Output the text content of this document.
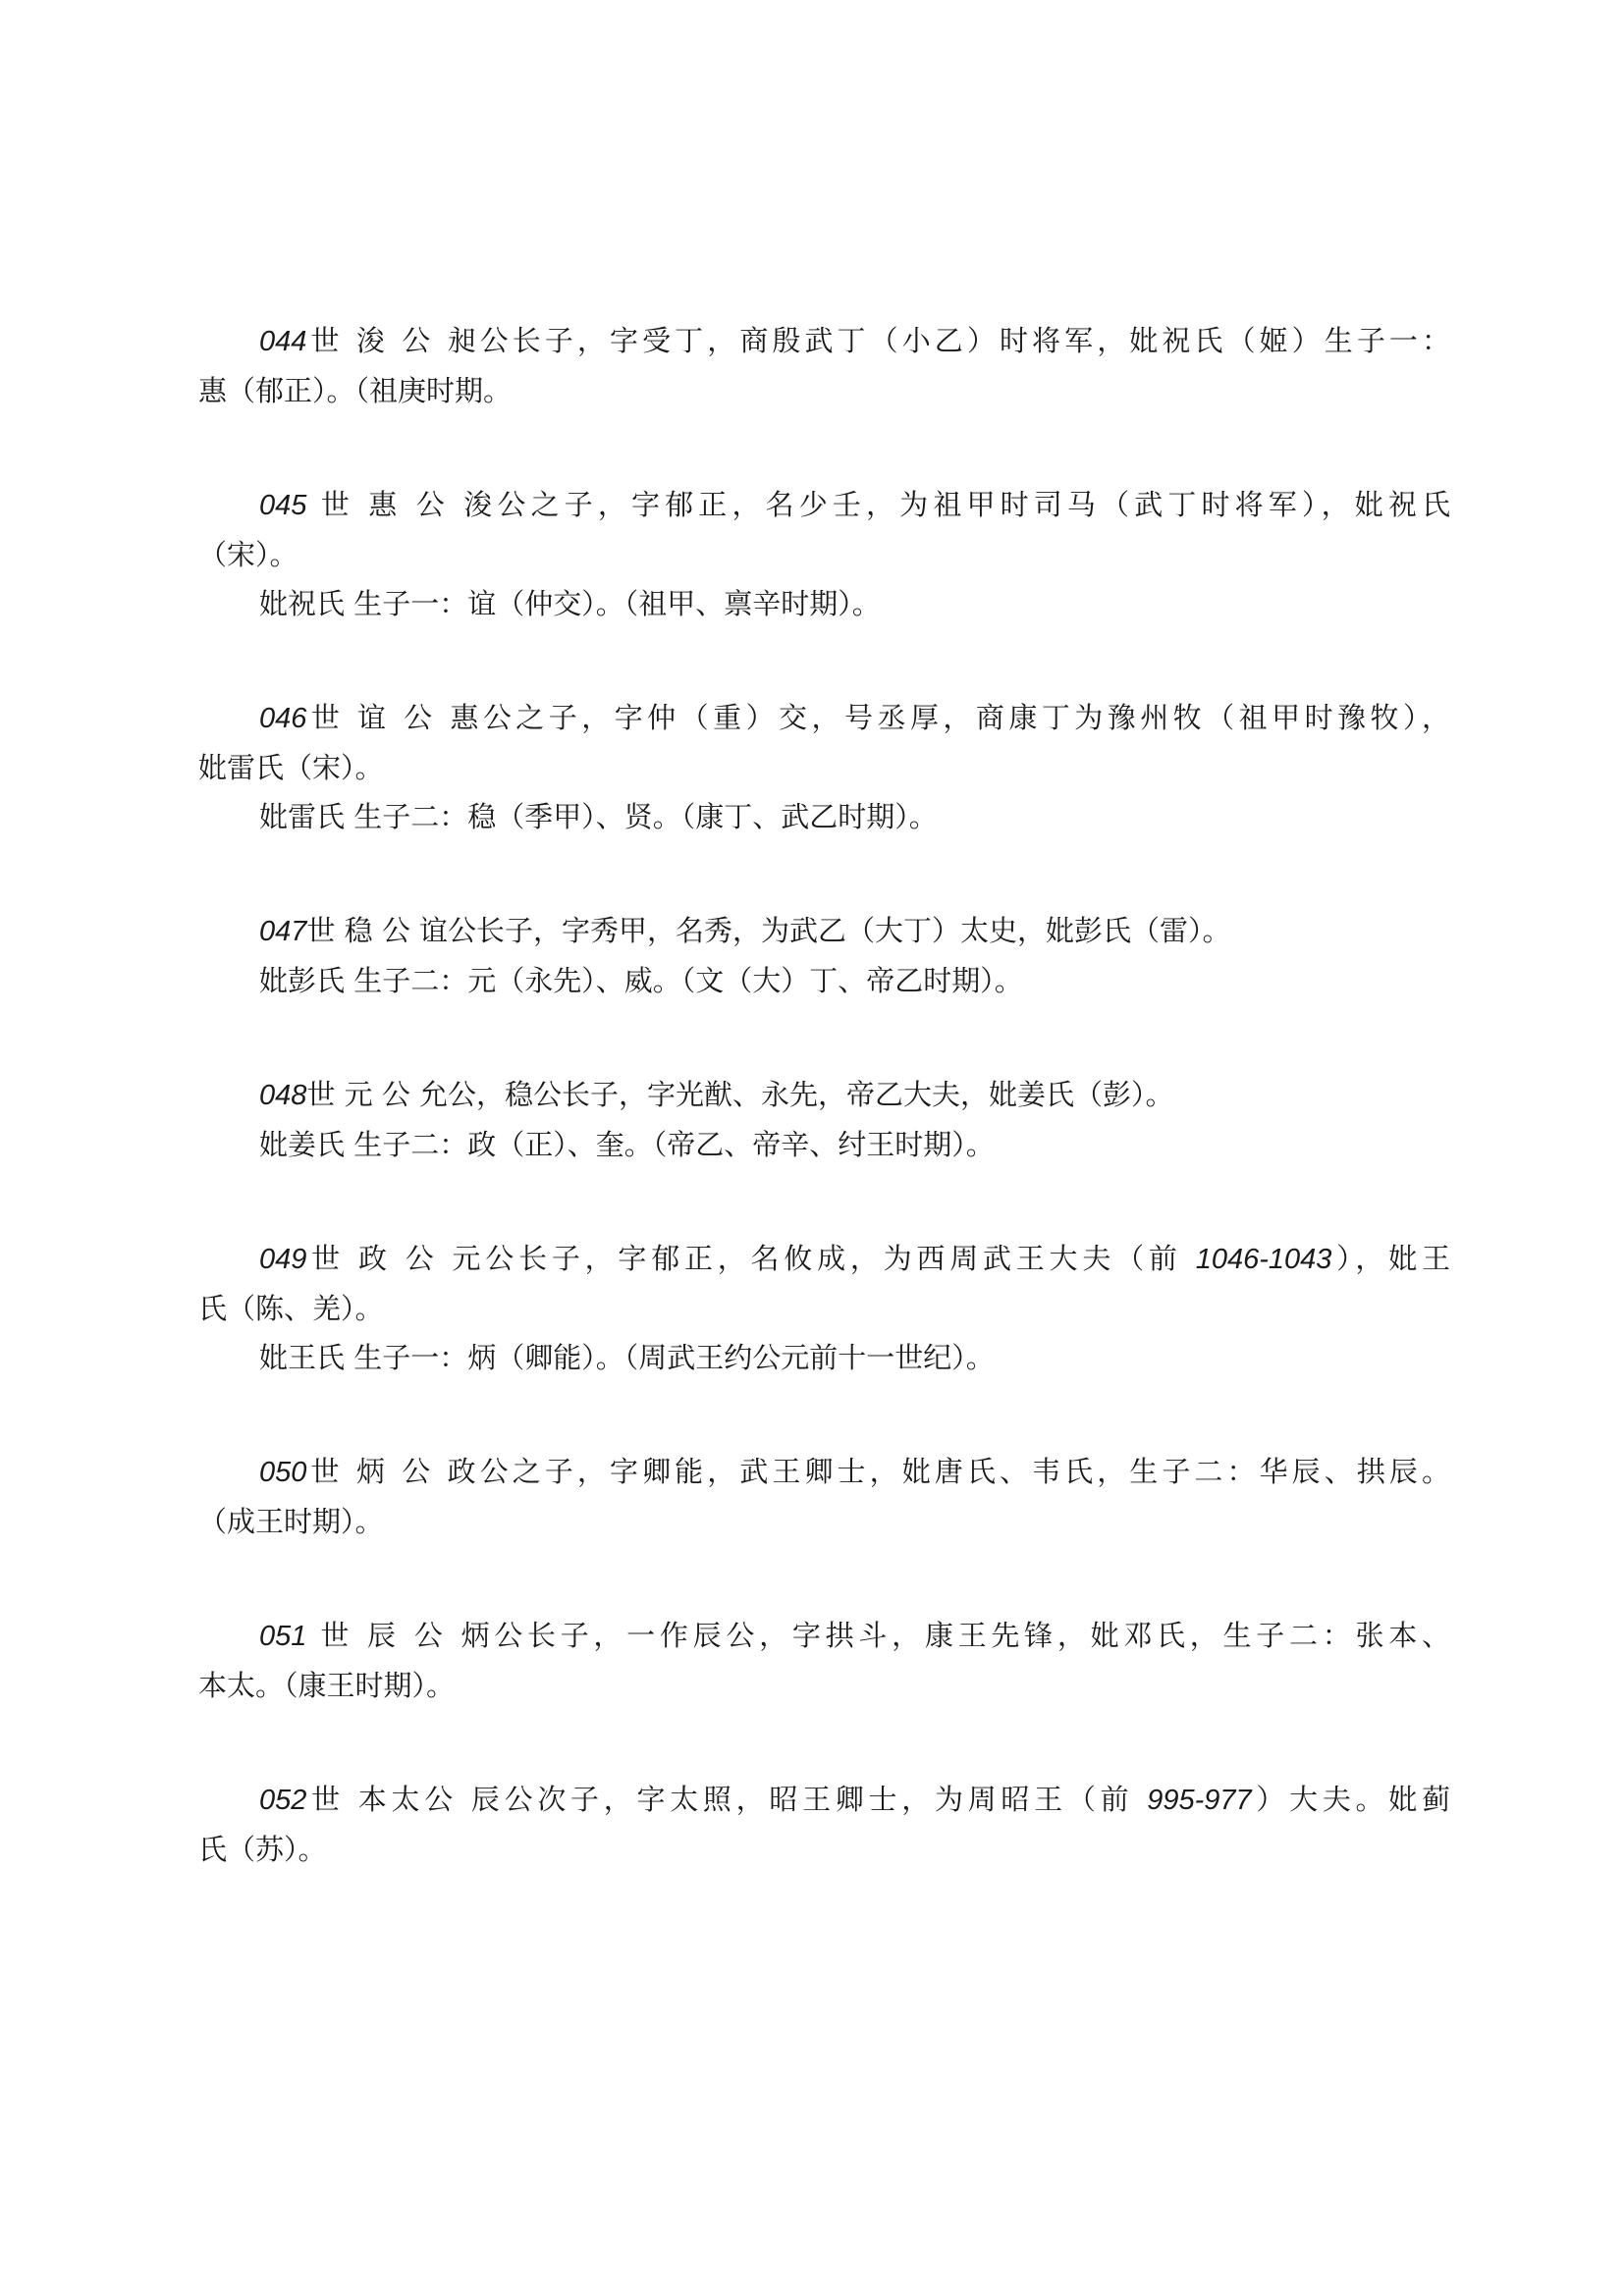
044世 浚 公 昶公长子，字受丁，商殷武丁（小乙）时将军，妣祝氏（姬）生子一：

惠（郁正）。（祖庚时期。

045 世 惠 公 浚公之子，字郁正，名少壬，为祖甲时司马（武丁时将军），妣祝氏

（宋）。

妣祝氏 生子一：谊（仲交）。（祖甲、禀辛时期）。

046世 谊 公 惠公之子，字仲（重）交，号丞厚，商康丁为豫州牧（祖甲时豫牧），

妣雷氏（宋）。

妣雷氏 生子二：稳（季甲）、贤。（康丁、武乙时期）。

047世 稳 公 谊公长子，字秀甲，名秀，为武乙（大丁）太史，妣彭氏（雷）。

妣彭氏 生子二：元（永先）、威。（文（大）丁、帝乙时期）。

048世 元 公 允公，稳公长子，字光猷、永先，帝乙大夫，妣姜氏（彭）。

妣姜氏 生子二：政（正）、奎。（帝乙、帝辛、纣王时期）。

049世 政 公 元公长子，字郁正，名攸成，为西周武王大夫（前 1046-1043），妣王

氏（陈、羌）。

妣王氏 生子一：炳（卿能）。（周武王约公元前十一世纪）。

050世 炳 公 政公之子，字卿能，武王卿士，妣唐氏、韦氏，生子二：华辰、拱辰。

（成王时期）。

051 世 辰 公 炳公长子，一作辰公，字拱斗，康王先锋，妣邓氏，生子二：张本、

本太。（康王时期）。

052世 本太公 辰公次子，字太照，昭王卿士，为周昭王（前 995-977）大夫。妣蓟

氏（苏）。
